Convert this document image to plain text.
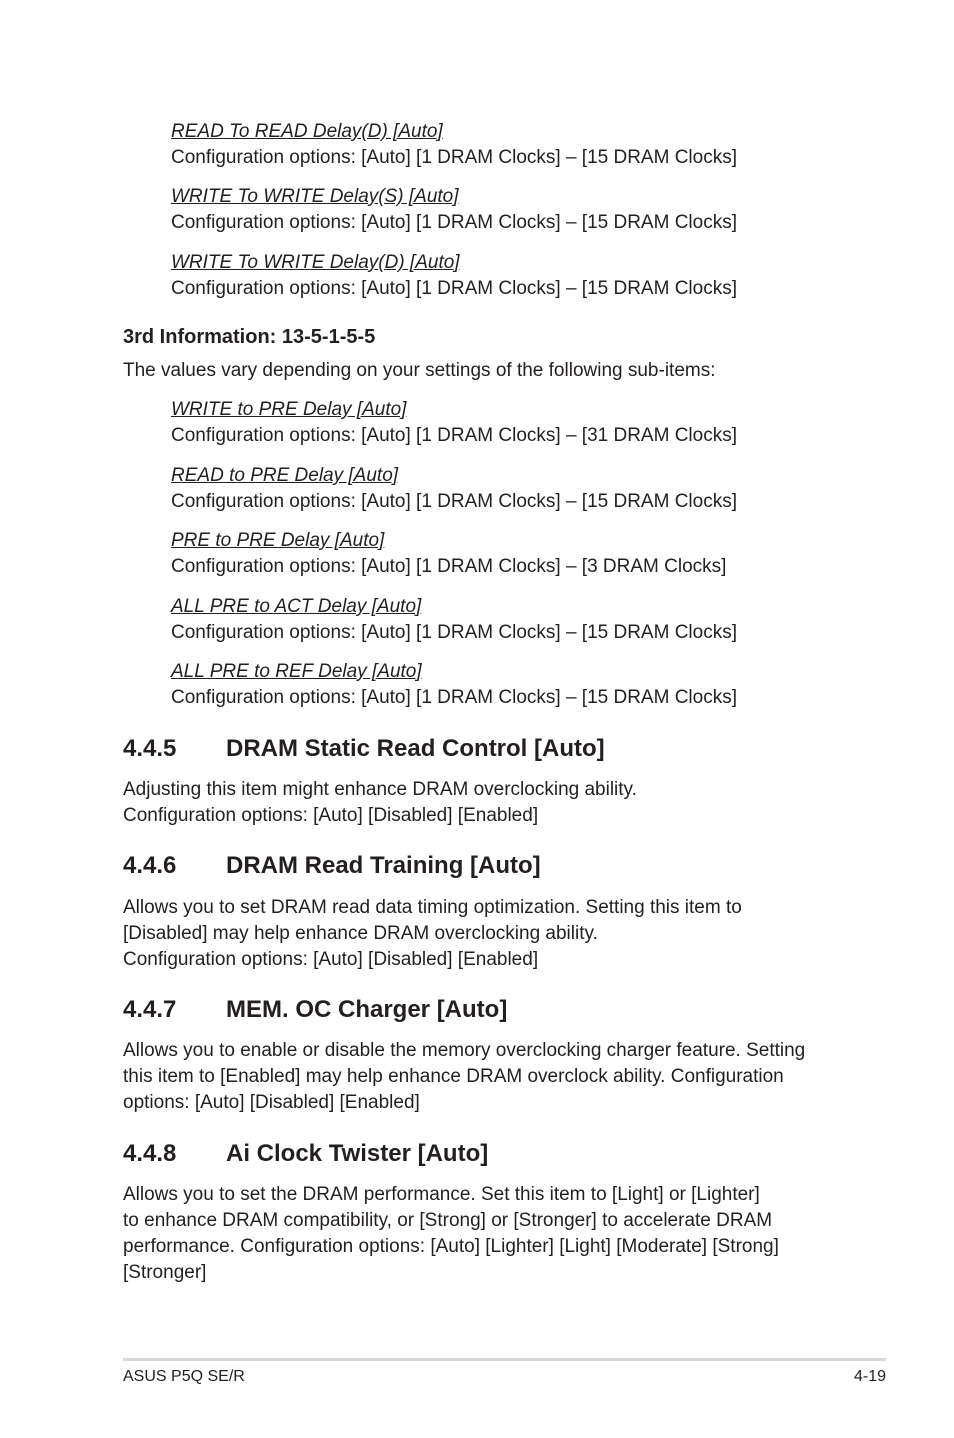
READ To READ Delay(D) [Auto]
Configuration options: [Auto] [1 DRAM Clocks] – [15 DRAM Clocks]
WRITE To WRITE Delay(S) [Auto]
Configuration options: [Auto] [1 DRAM Clocks] – [15 DRAM Clocks]
WRITE To WRITE Delay(D) [Auto]
Configuration options: [Auto] [1 DRAM Clocks] – [15 DRAM Clocks]
3rd Information: 13-5-1-5-5
The values vary depending on your settings of the following sub-items:
WRITE to PRE Delay [Auto]
Configuration options: [Auto] [1 DRAM Clocks] – [31 DRAM Clocks]
READ to PRE Delay [Auto]
Configuration options: [Auto] [1 DRAM Clocks] – [15 DRAM Clocks]
PRE to PRE Delay [Auto]
Configuration options: [Auto] [1 DRAM Clocks] – [3 DRAM Clocks]
ALL PRE to ACT Delay [Auto]
Configuration options: [Auto] [1 DRAM Clocks] – [15 DRAM Clocks]
ALL PRE to REF Delay [Auto]
Configuration options: [Auto] [1 DRAM Clocks] – [15 DRAM Clocks]
4.4.5 DRAM Static Read Control [Auto]
Adjusting this item might enhance DRAM overclocking ability.
Configuration options: [Auto] [Disabled] [Enabled]
4.4.6 DRAM Read Training [Auto]
Allows you to set DRAM read data timing optimization. Setting this item to
[Disabled] may help enhance DRAM overclocking ability.
Configuration options: [Auto] [Disabled] [Enabled]
4.4.7 MEM. OC Charger [Auto]
Allows you to enable or disable the memory overclocking charger feature. Setting
this item to [Enabled] may help enhance DRAM overclock ability. Configuration
options: [Auto] [Disabled] [Enabled]
4.4.8 Ai Clock Twister [Auto]
Allows you to set the DRAM performance. Set this item to [Light] or [Lighter]
to enhance DRAM compatibility, or [Strong] or [Stronger] to accelerate DRAM
performance. Configuration options: [Auto] [Lighter] [Light] [Moderate] [Strong]
[Stronger]
ASUS P5Q SE/R	4-19
